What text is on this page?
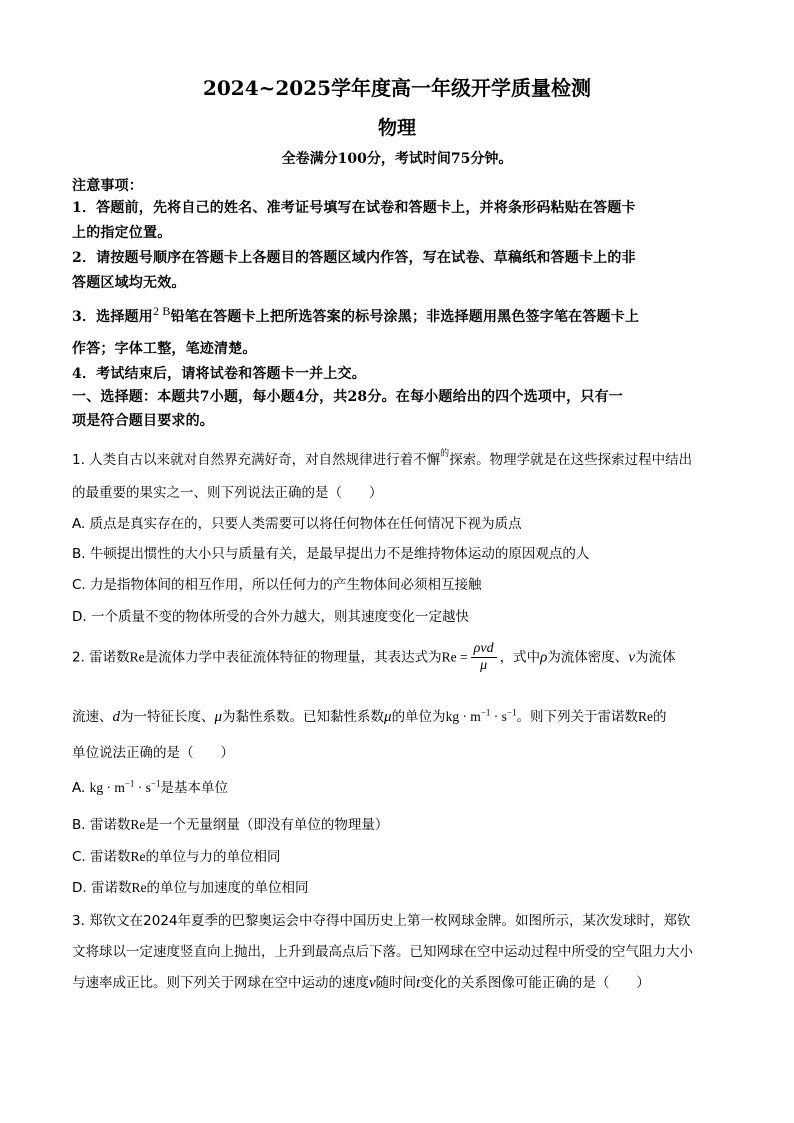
2024~2025学年度高一年级开学质量检测
物理
全卷满分100分，考试时间75分钟。
注意事项：
1．答题前，先将自己的姓名、准考证号填写在试卷和答题卡上，并将条形码粘贴在答题卡
上的指定位置。
2．请按题号顺序在答题卡上各题目的答题区域内作答，写在试卷、草稿纸和答题卡上的非
答题区域均无效。
3．选择题用2 B铅笔在答题卡上把所选答案的标号涂黑；非选择题用黑色签字笔在答题卡上
作答；字体工整，笔迹清楚。
4．考试结束后，请将试卷和答题卡一并上交。
一、选择题：本题共7小题，每小题4分，共28分。在每小题给出的四个选项中，只有一
项是符合题目要求的。
1. 人类自古以来就对自然界充满好奇，对自然规律进行着不懈$^的$探索。物理学就是在这些探索过程中结出
的最重要的果实之一、则下列说法正确的是（　　）
A. 质点是真实存在的，只要人类需要可以将任何物体在任何情况下视为质点
B. 牛顿提出惯性的大小只与质量有关，是最早提出力不是维持物体运动的原因观点的人
C. 力是指物体间的相互作用，所以任何力的产生物体间必须相互接触
D. 一个质量不变的物体所受的合外力越大，则其速度变化一定越快
2. 雷诺数Re是流体力学中表征流体特征的物理量，其表达式为$Re = \frac{\text{ρvd}}{\mu}$ ，式中ρ为流体密度、v为流体
流速、d为一特征长度、μ为黏性系数。已知黏性系数μ的单位为kg · $m^{-1} \cdot s^{-1}$。则下列关于雷诺数Re的
单位说法正确的是（　　）
A. kg · $m^{-1} \cdot s^{-1}$是基本单位
B. 雷诺数Re是一个无量纲量（即没有单位的物理量）
C. 雷诺数Re的单位与力的单位相同
D. 雷诺数Re的单位与加速度的单位相同
3. 郑钦文在2024年夏季的巴黎奥运会中夺得中国历史上第一枚网球金牌。如图所示，某次发球时，郑钦
文将球以一定速度竖直向上抛出，上升到最高点后下落。已知网球在空中运动过程中所受的空气阻力大小
与速率成正比。则下列关于网球在空中运动的速度v随时间t变化的关系图像可能正确的是（　　）
